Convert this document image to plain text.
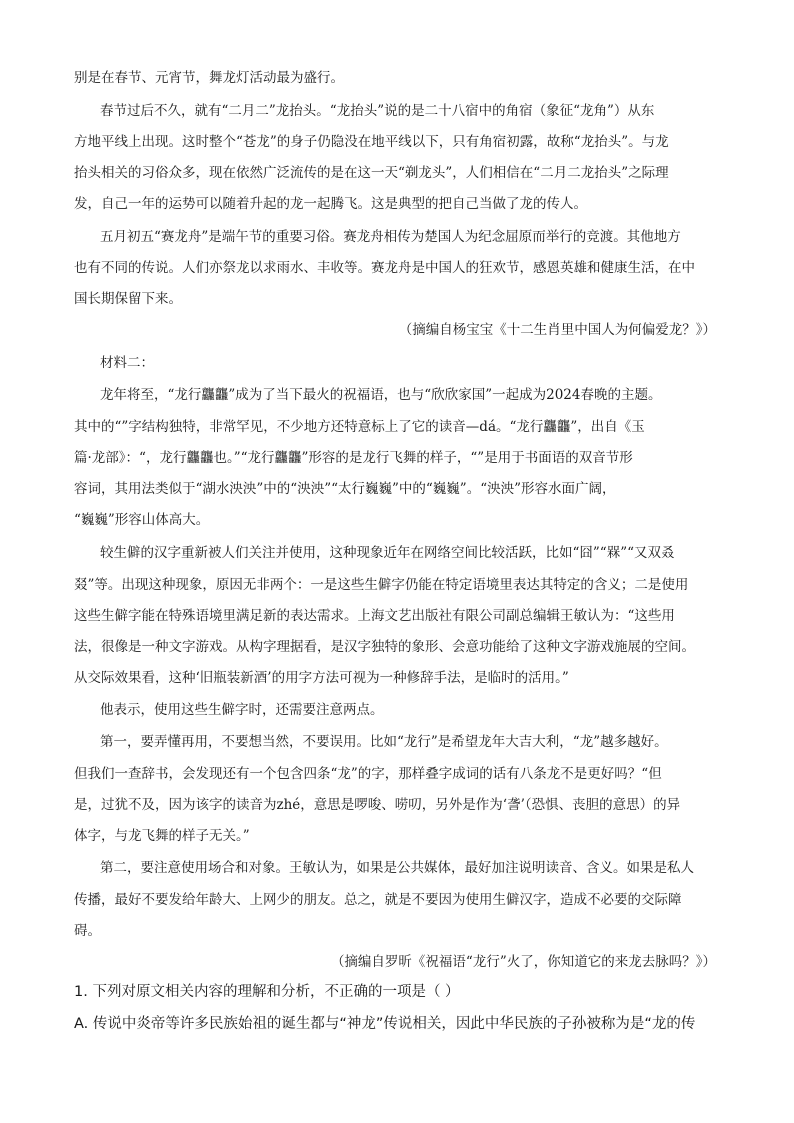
别是在春节、元宵节，舞龙灯活动最为盛行。
春节过后不久，就有“二月二”龙抬头。“龙抬头”说的是二十八宿中的角宿（象征“龙角”）从东
方地平线上出现。这时整个“苍龙”的身子仍隐没在地平线以下，只有角宿初露，故称“龙抬头”。与龙
抬头相关的习俗众多，现在依然广泛流传的是在这一天“剃龙头”，人们相信在“二月二龙抬头”之际理
发，自己一年的运势可以随着升起的龙一起腾飞。这是典型的把自己当做了龙的传人。
五月初五“赛龙舟”是端午节的重要习俗。赛龙舟相传为楚国人为纪念屈原而举行的竞渡。其他地方
也有不同的传说。人们亦祭龙以求雨水、丰收等。赛龙舟是中国人的狂欢节，感恩英雄和健康生活，在中
国长期保留下来。
（摘编自杨宝宝《十二生肖里中国人为何偏爱龙？》）
材料二：
龙年将至，“龙行龘龘”成为了当下最火的祝福语，也与“欣欣家国”一起成为2024春晚的主题。
其中的“”字结构独特，非常罕见，不少地方还特意标上了它的读音—dá。“龙行龘龘”，出自《玉
篇·龙部》：“，龙行龘龘也。”“龙行龘龘”形容的是龙行飞舞的样子，“”是用于书面语的双音节形
容词，其用法类似于“湖水泱泱”中的“泱泱”“太行巍巍”中的“巍巍”。“泱泱”形容水面广阔，
“巍巍”形容山体高大。
较生僻的汉字重新被人们关注并使用，这种现象近年在网络空间比较活跃，比如“囧”“槑”“又双叒
叕”等。出现这种现象，原因无非两个：一是这些生僻字仍能在特定语境里表达其特定的含义；二是使用
这些生僻字能在特殊语境里满足新的表达需求。上海文艺出版社有限公司副总编辑王敏认为：“这些用
法，很像是一种文字游戏。从构字理据看，是汉字独特的象形、会意功能给了这种文字游戏施展的空间。
从交际效果看，这种‘旧瓶装新酒’的用字方法可视为一种修辞手法，是临时的活用。”
他表示，使用这些生僻字时，还需要注意两点。
第一，要弄懂再用，不要想当然，不要误用。比如“龙行”是希望龙年大吉大利，“龙”越多越好。
但我们一查辞书，会发现还有一个包含四条“龙”的字，那样叠字成词的话有八条龙不是更好吗？“但
是，过犹不及，因为该字的读音为zhé，意思是啰唆、唠叨，另外是作为‘詟’（恐惧、丧胆的意思）的异
体字，与龙飞舞的样子无关。”
第二，要注意使用场合和对象。王敏认为，如果是公共媒体，最好加注说明读音、含义。如果是私人
传播，最好不要发给年龄大、上网少的朋友。总之，就是不要因为使用生僻汉字，造成不必要的交际障
碍。
（摘编自罗昕《祝福语“龙行”火了，你知道它的来龙去脉吗？》）
1. 下列对原文相关内容的理解和分析，不正确的一项是（ ）
A. 传说中炎帝等许多民族始祖的诞生都与“神龙”传说相关，因此中华民族的子孙被称为是“龙的传
